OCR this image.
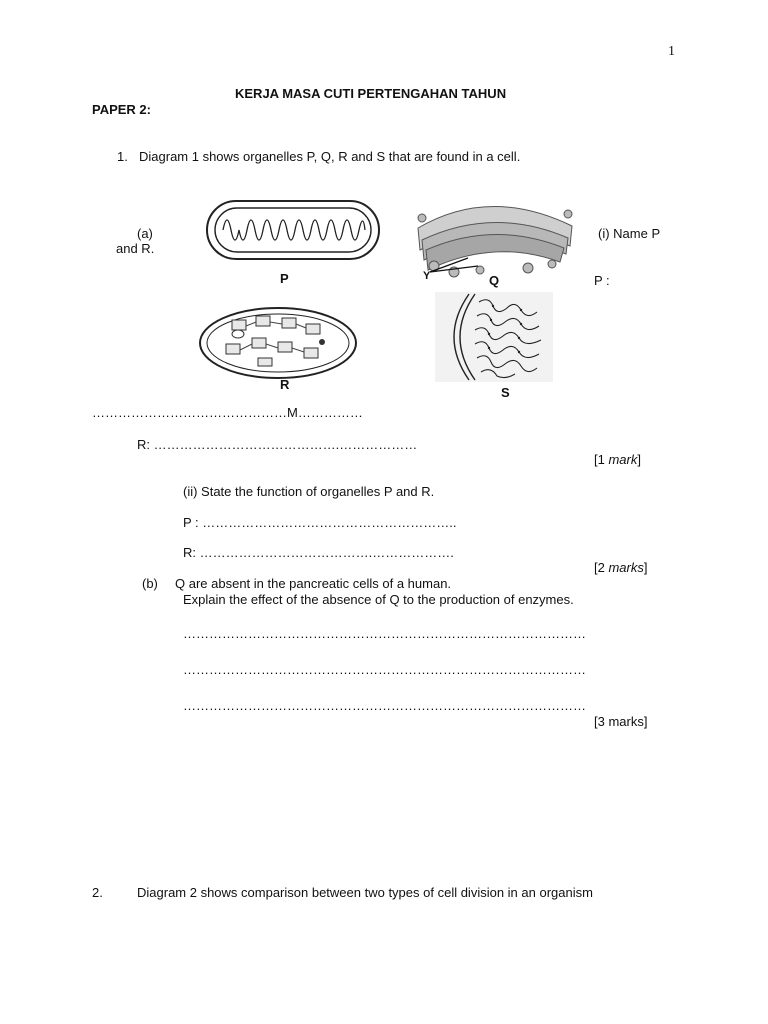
1
KERJA MASA CUTI PERTENGAHAN TAHUN
PAPER 2:
1. Diagram 1 shows organelles P, Q, R and S that are found in a cell.
(a)	(i) Name P
and R.
P	Y	Q	P :
R
S
………………………………………M……………
R: …………………………………….………………
[1 mark]
(ii) State the function of organelles P and R.
P : …………………………………………………..
R: ………………………………….……………….
[2 marks]
(b) Q are absent in the pancreatic cells of a human.
Explain the effect of the absence of Q to the production of enzymes.
…………………………………………………………………………………
…………………………………………………………………………………
…………………………………………………………………………………
[3 marks]
2.	Diagram 2 shows comparison between two types of cell division in an organism
